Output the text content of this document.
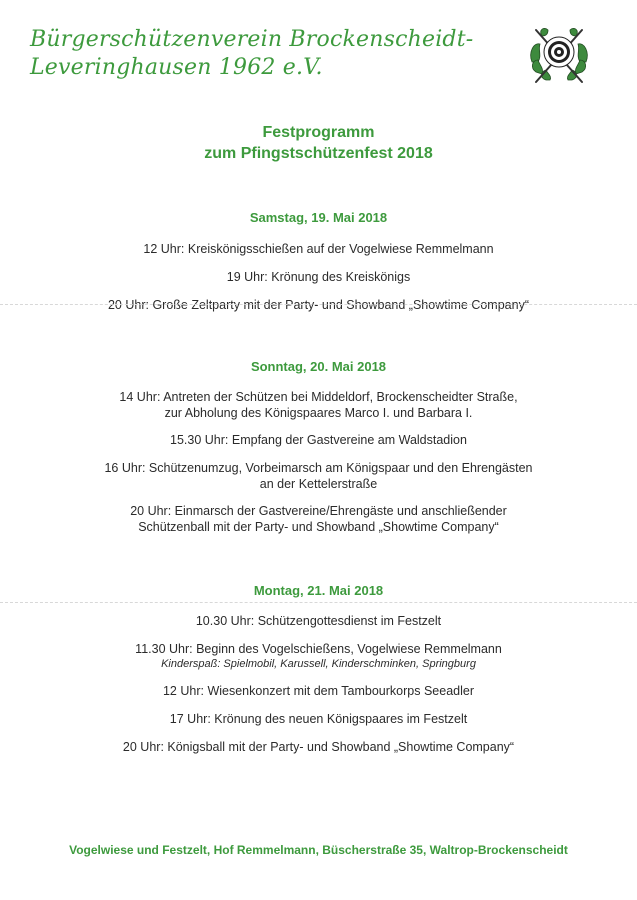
Bürgerschützenverein Brockenscheidt-
Leveringhausen 1962 e.V.
Festprogramm
zum Pfingstschützenfest 2018
Samstag, 19. Mai 2018
12 Uhr: Kreiskönigsschießen auf der Vogelwiese Remmelmann
19 Uhr: Krönung des Kreiskönigs
20 Uhr: Große Zeltparty mit der Party- und Showband „Showtime Company“
Sonntag, 20. Mai 2018
14 Uhr: Antreten der Schützen bei Middeldorf, Brockenscheidter Straße,
zur Abholung des Königspaares Marco I. und Barbara I.
15.30 Uhr: Empfang der Gastvereine am Waldstadion
16 Uhr: Schützenumzug, Vorbeimarsch am Königspaar und den Ehrengästen
an der Kettelerstraße
20 Uhr: Einmarsch der Gastvereine/Ehrengäste und anschließender
Schützenball mit der Party- und Showband „Showtime Company“
Montag, 21. Mai 2018
10.30 Uhr: Schützengottesdienst im Festzelt
11.30 Uhr: Beginn des Vogelschießens, Vogelwiese Remmelmann
Kinderspaß: Spielmobil, Karussell, Kinderschminken, Springburg
12 Uhr: Wiesenkonzert mit dem Tambourkorps Seeadler
17 Uhr: Krönung des neuen Königspaares im Festzelt
20 Uhr: Königsball mit der Party- und Showband „Showtime Company“
Vogelwiese und Festzelt, Hof Remmelmann, Büscherstraße 35, Waltrop-Brockenscheidt
